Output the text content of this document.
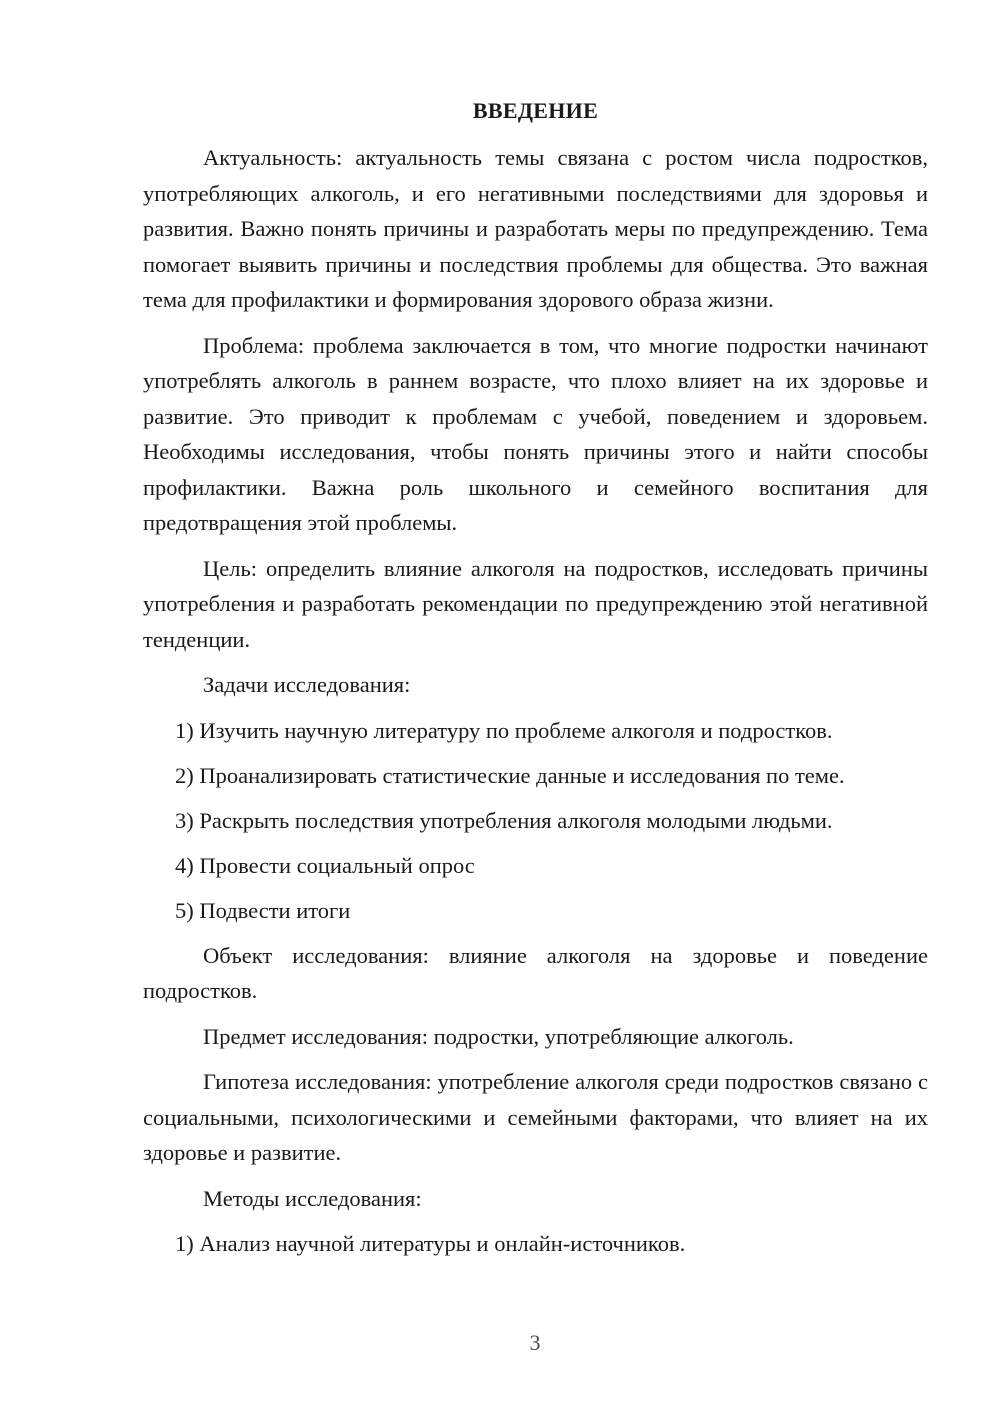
ВВЕДЕНИЕ

Актуальность: актуальность темы связана с ростом числа подростков, употребляющих алкоголь, и его негативными последствиями для здоровья и развития. Важно понять причины и разработать меры по предупреждению. Тема помогает выявить причины и последствия проблемы для общества. Это важная тема для профилактики и формирования здорового образа жизни.

Проблема: проблема заключается в том, что многие подростки начинают употреблять алкоголь в раннем возрасте, что плохо влияет на их здоровье и развитие. Это приводит к проблемам с учебой, поведением и здоровьем. Необходимы исследования, чтобы понять причины этого и найти способы профилактики. Важна роль школьного и семейного воспитания для предотвращения этой проблемы.

Цель: определить влияние алкоголя на подростков, исследовать причины употребления и разработать рекомендации по предупреждению этой негативной тенденции.

Задачи исследования:

1) Изучить научную литературу по проблеме алкоголя и подростков.
2) Проанализировать статистические данные и исследования по теме.
3) Раскрыть последствия употребления алкоголя молодыми людьми.
4) Провести социальный опрос
5) Подвести итоги

Объект исследования: влияние алкоголя на здоровье и поведение подростков.

Предмет исследования: подростки, употребляющие алкоголь.

Гипотеза исследования: употребление алкоголя среди подростков связано с социальными, психологическими и семейными факторами, что влияет на их здоровье и развитие.

Методы исследования:

1) Анализ научной литературы и онлайн-источников.
3
